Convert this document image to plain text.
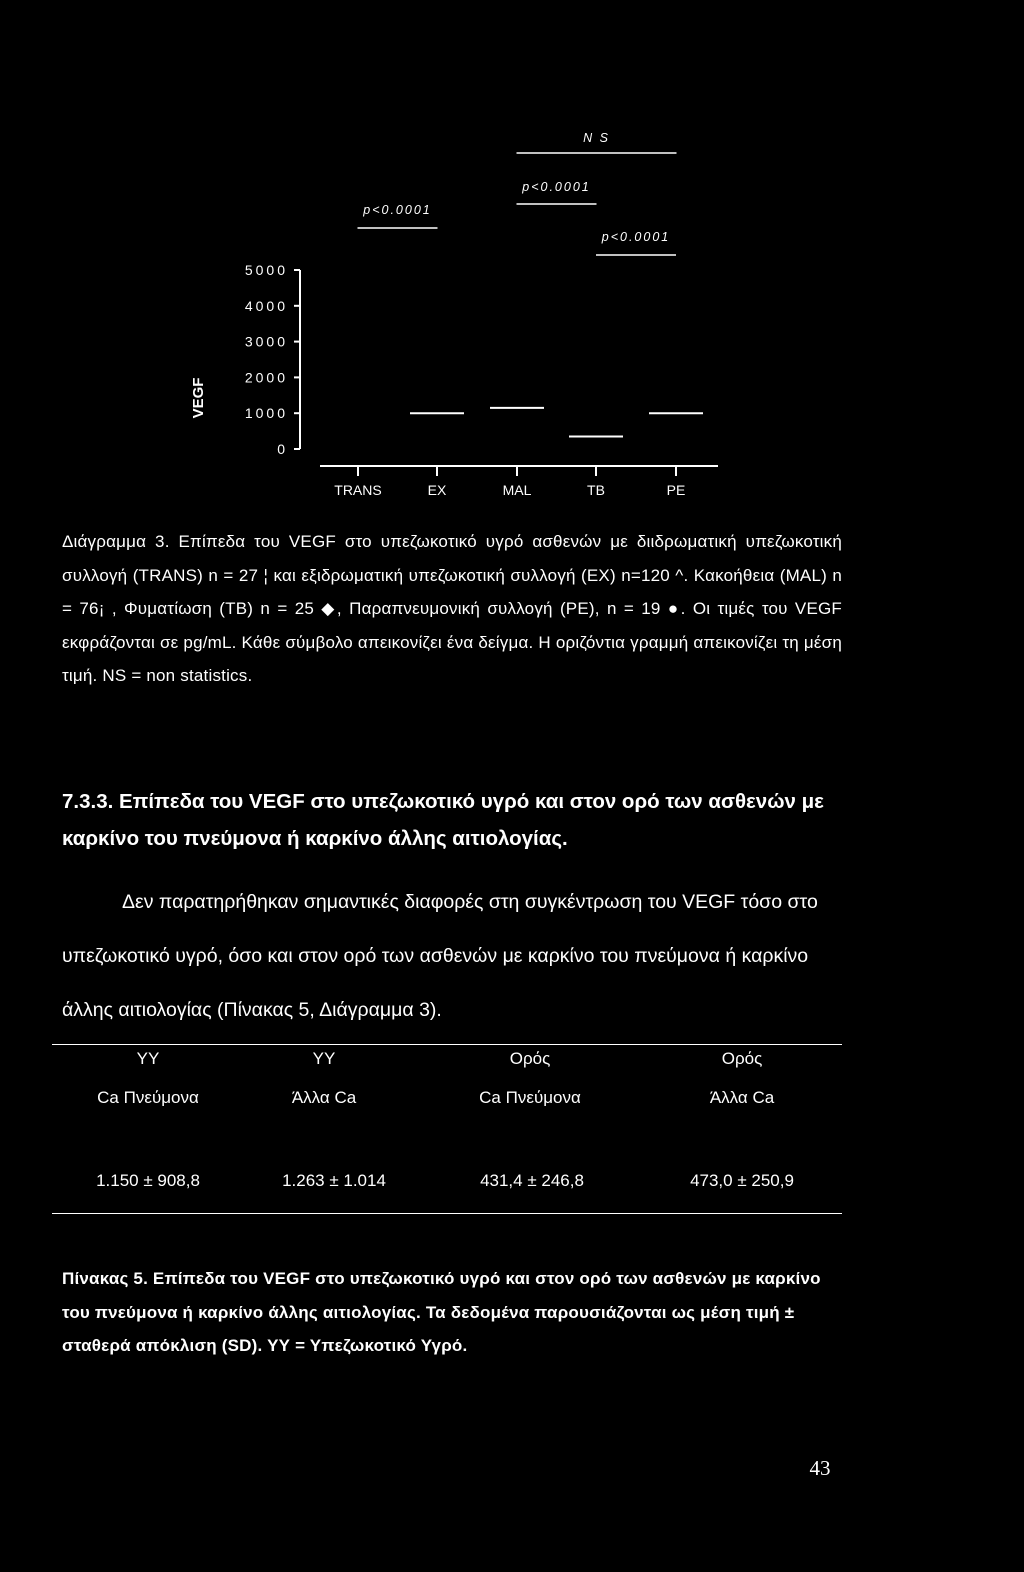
5000
4000
3000
2000
1000
0
VEGF
TRANS	EX	MAL	TB	PE
p<0.0001
N S
p<0.0001
p<0.0001
Διάγραμμα 3. Επίπεδα του VEGF στο υπεζωκοτικό υγρό ασθενών με διιδρωματική υπεζωκοτική συλλογή (TRANS) n = 27 ¦ και εξιδρωματική υπεζωκοτική συλλογή (EX) n=120 ^. Κακοήθεια (MAL) n = 76¡ , Φυματίωση (TB) n = 25 ◆, Παραπνευμονική συλλογή (PE), n = 19 ●. Οι τιμές του VEGF εκφράζονται σε pg/mL. Κάθε σύμβολο απεικονίζει ένα δείγμα. Η οριζόντια γραμμή απεικονίζει τη μέση τιμή. NS = non statistics.
7.3.3. Επίπεδα του VEGF στο υπεζωκοτικό υγρό και στον ορό των ασθενών με καρκίνο του πνεύμονα ή καρκίνο άλλης αιτιολογίας.
Δεν παρατηρήθηκαν σημαντικές διαφορές στη συγκέντρωση του VEGF τόσο στο υπεζωκοτικό υγρό, όσο και στον ορό των ασθενών με καρκίνο του πνεύμονα ή καρκίνο άλλης αιτιολογίας (Πίνακας 5, Διάγραμμα 3).
ΥΥ	ΥΥ	Ορός	Ορός
Ca Πνεύμονα	Άλλα Ca	Ca Πνεύμονα	Άλλα Ca
1.150 ± 908,8	1.263 ± 1.014	431,4 ± 246,8	473,0 ± 250,9
Πίνακας 5. Επίπεδα του VEGF στο υπεζωκοτικό υγρό και στον ορό των ασθενών με καρκίνο του πνεύμονα ή καρκίνο άλλης αιτιολογίας. Τα δεδομένα παρουσιάζονται ως μέση τιμή ± σταθερά απόκλιση (SD). ΥΥ = Υπεζωκοτικό Υγρό.
43
